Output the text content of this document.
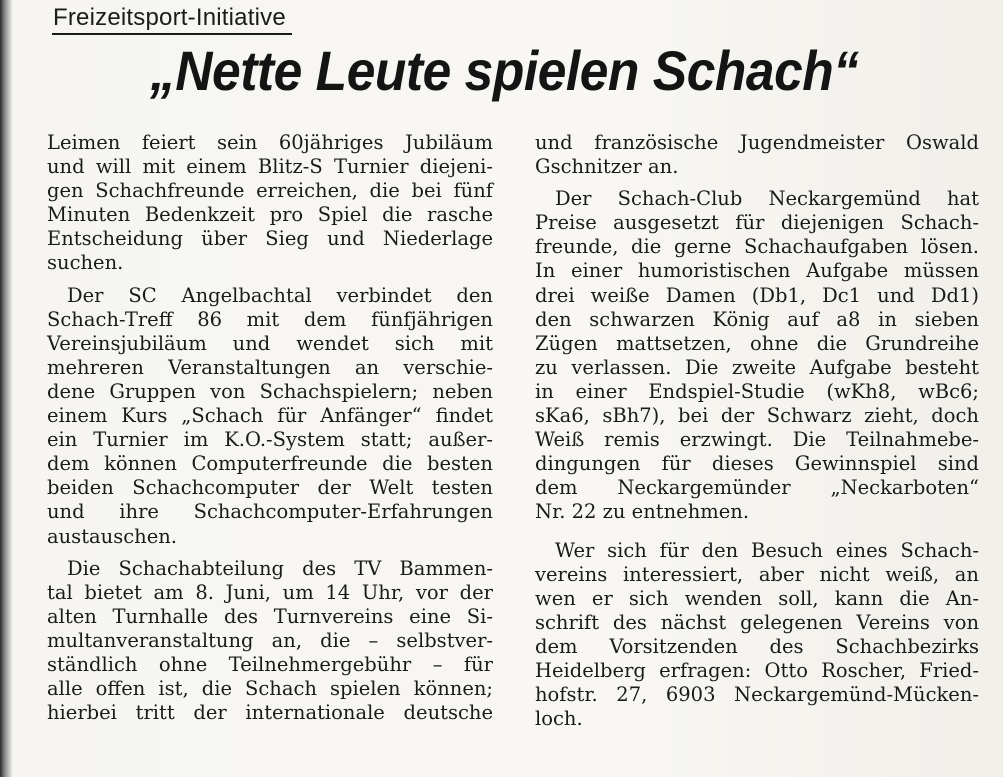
Freizeitsport-Initiative
„Nette Leute spielen Schach“
Leimen feiert sein 60jähriges Jubiläum
und will mit einem Blitz-S Turnier diejeni-
gen Schachfreunde erreichen, die bei fünf
Minuten Bedenkzeit pro Spiel die rasche
Entscheidung über Sieg und Niederlage
suchen.
Der SC Angelbachtal verbindet den
Schach-Treff 86 mit dem fünfjährigen
Vereinsjubiläum und wendet sich mit
mehreren Veranstaltungen an verschie-
dene Gruppen von Schachspielern; neben
einem Kurs „Schach für Anfänger“ findet
ein Turnier im K.O.-System statt; außer-
dem können Computerfreunde die besten
beiden Schachcomputer der Welt testen
und ihre Schachcomputer-Erfahrungen
austauschen.
Die Schachabteilung des TV Bammen-
tal bietet am 8. Juni, um 14 Uhr, vor der
alten Turnhalle des Turnvereins eine Si-
multanveranstaltung an, die – selbstver-
ständlich ohne Teilnehmergebühr – für
alle offen ist, die Schach spielen können;
hierbei tritt der internationale deutsche
und französische Jugendmeister Oswald
Gschnitzer an.
Der Schach-Club Neckargemünd hat
Preise ausgesetzt für diejenigen Schach-
freunde, die gerne Schachaufgaben lösen.
In einer humoristischen Aufgabe müssen
drei weiße Damen (Db1, Dc1 und Dd1)
den schwarzen König auf a8 in sieben
Zügen mattsetzen, ohne die Grundreihe
zu verlassen. Die zweite Aufgabe besteht
in einer Endspiel-Studie (wKh8, wBc6;
sKa6, sBh7), bei der Schwarz zieht, doch
Weiß remis erzwingt. Die Teilnahmebe-
dingungen für dieses Gewinnspiel sind
dem Neckargemünder „Neckarboten“
Nr. 22 zu entnehmen.
Wer sich für den Besuch eines Schach-
vereins interessiert, aber nicht weiß, an
wen er sich wenden soll, kann die An-
schrift des nächst gelegenen Vereins von
dem Vorsitzenden des Schachbezirks
Heidelberg erfragen: Otto Roscher, Fried-
hofstr. 27, 6903 Neckargemünd-Mücken-
loch.
